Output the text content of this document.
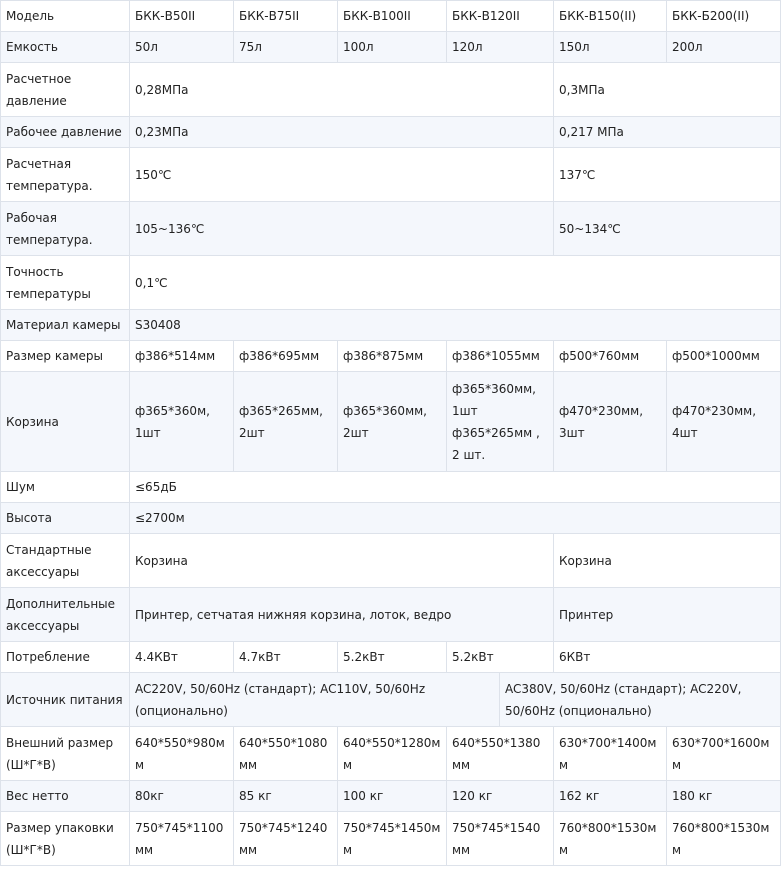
Модель	БКК-B50II	БКК-B75II	БКК-B100II	БКК-B120II		БКК-B150(II)	БКК-Б200(II)
Емкость	50л	75л	100л	120л		150л	200л
Расчетное давление	0,28МПа					0,3МПа	
Рабочее давление	0,23МПа					0,217 МПа	
Расчетная температура.	150℃					137℃	
Рабочая температура.	105~136℃					50~134℃	
Точность температуры	0,1℃						
Материал камеры	S30408						
Размер камеры	ф386*514мм	ф386*695мм	ф386*875мм	ф386*1055мм		ф500*760мм	ф500*1000мм
Корзина	ф365*360м, 1шт	ф365*265мм, 2шт	ф365*360мм, 2шт	ф365*360мм, 1шт ф365*265мм , 2 шт.		ф470*230мм, 3шт	ф470*230мм, 4шт
Шум	≤65дБ						
Высота	≤2700м						
Стандартные аксессуары	Корзина					Корзина	
Дополнительные аксессуары	Принтер, сетчатая нижняя корзина, лоток, ведро					Принтер	
Потребление	4.4КВт	4.7кВт	5.2кВт	5.2кВт		6КВт	
Источник питания	AC220V, 50/60Hz (стандарт); AC110V, 50/60Hz (опционально)				AC380V, 50/60Hz (стандарт); AC220V, 50/60Hz (опционально)		
Внешний размер (Ш*Г*В)	640*550*980мм	640*550*1080мм	640*550*1280мм	640*550*1380мм		630*700*1400мм	630*700*1600мм
Вес нетто	80кг	85 кг	100 кг	120 кг		162 кг	180 кг
Размер упаковки (Ш*Г*В)	750*745*1100мм	750*745*1240мм	750*745*1450мм	750*745*1540мм		760*800*1530мм	760*800*1530мм
